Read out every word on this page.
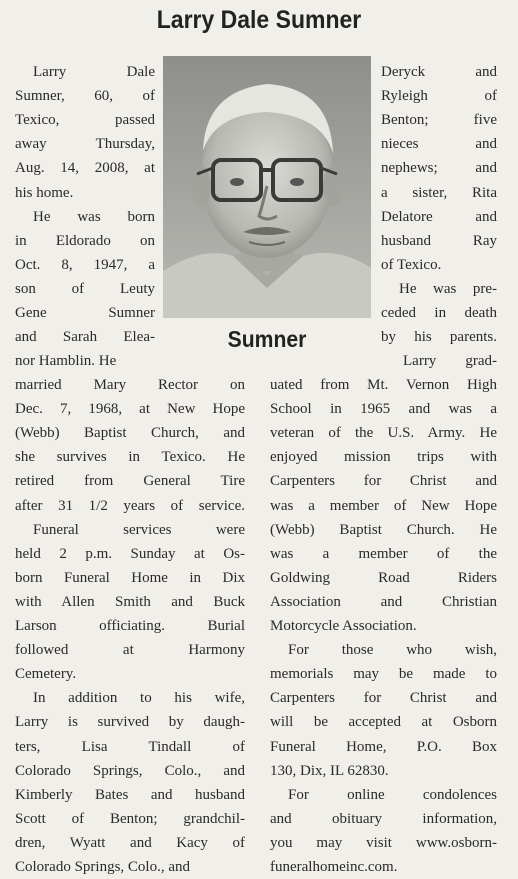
Larry Dale Sumner
Sumner
Larry Dale
Sumner, 60, of
Texico, passed
away Thursday,
Aug. 14, 2008, at
his home.
He was born
in Eldorado on
Oct. 8, 1947, a
son of Leuty
Gene Sumner
and Sarah Elea-
nor Hamblin. He
married Mary Rector on
Dec. 7, 1968, at New Hope
(Webb) Baptist Church, and
she survives in Texico. He
retired from General Tire
after 31 1/2 years of service.
Funeral services were
held 2 p.m. Sunday at Os-
born Funeral Home in Dix
with Allen Smith and Buck
Larson officiating. Burial
followed at Harmony
Cemetery.
In addition to his wife,
Larry is survived by daugh-
ters, Lisa Tindall of
Colorado Springs, Colo., and
Kimberly Bates and husband
Scott of Benton; grandchil-
dren, Wyatt and Kacy of
Colorado Springs, Colo., and
Deryck and
Ryleigh of
Benton; five
nieces and
nephews; and
a sister, Rita
Delatore and
husband Ray
of Texico.
He was pre-
ceded in death
by his parents.
Larry grad-
uated from Mt. Vernon High
School in 1965 and was a
veteran of the U.S. Army. He
enjoyed mission trips with
Carpenters for Christ and
was a member of New Hope
(Webb) Baptist Church. He
was a member of the
Goldwing Road Riders
Association and Christian
Motorcycle Association.
For those who wish,
memorials may be made to
Carpenters for Christ and
will be accepted at Osborn
Funeral Home, P.O. Box
130, Dix, IL 62830.
For online condolences
and obituary information,
you may visit www.osborn-
funeralhomeinc.com.
